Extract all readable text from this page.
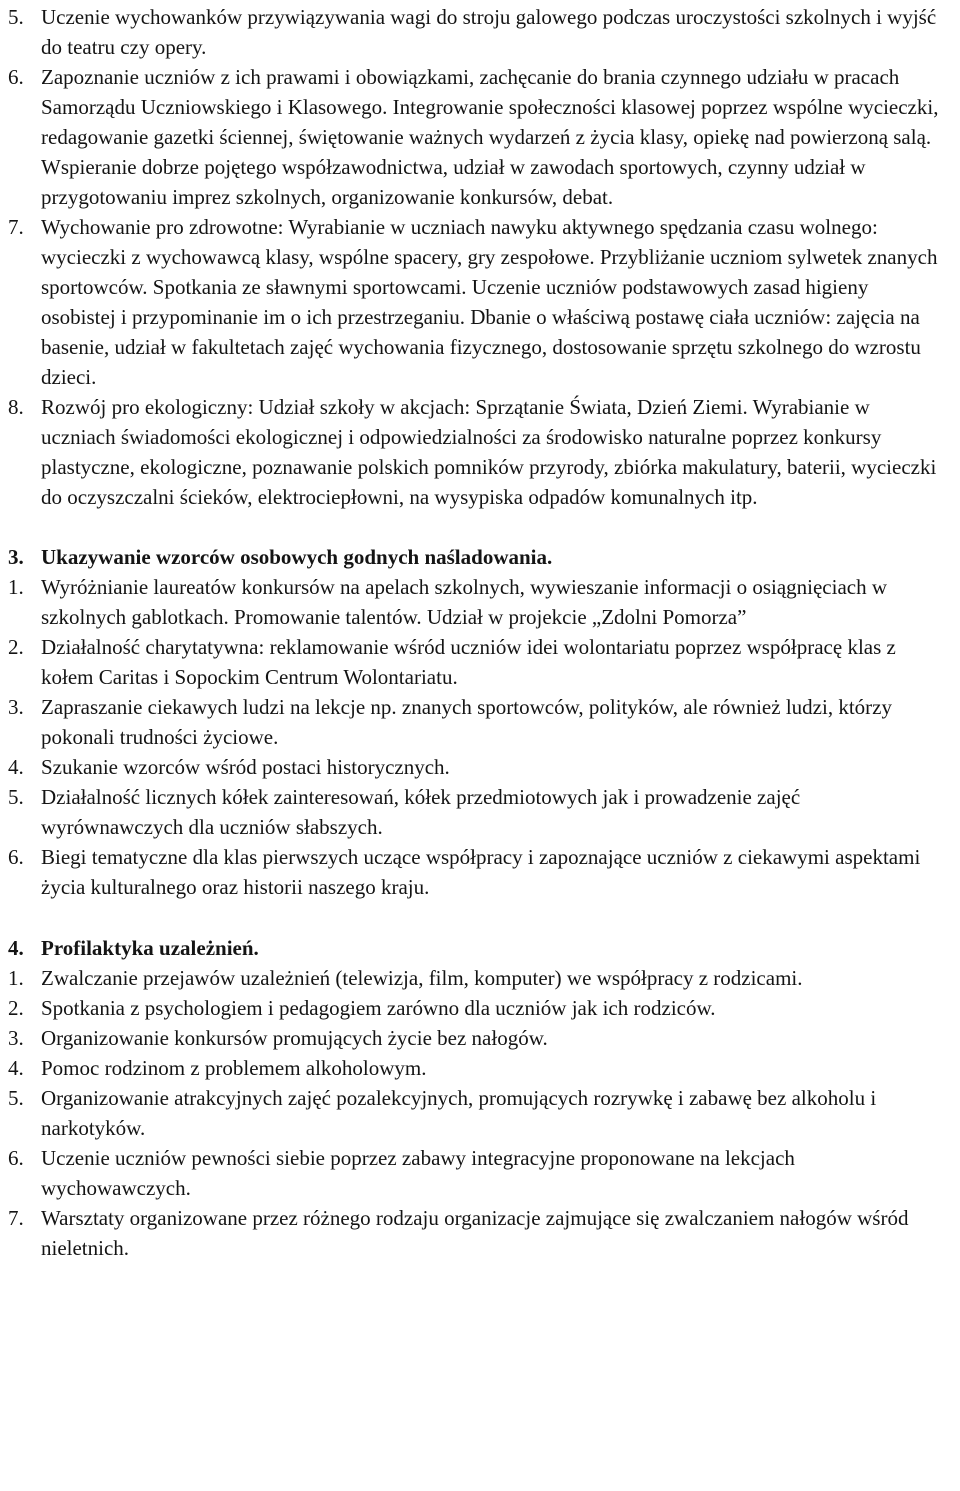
5. Uczenie wychowanków przywiązywania wagi do stroju galowego podczas uroczystości szkolnych i wyjść do teatru czy opery.
6. Zapoznanie uczniów z ich prawami i obowiązkami, zachęcanie do brania czynnego udziału w pracach Samorządu Uczniowskiego i Klasowego. Integrowanie społeczności klasowej poprzez wspólne wycieczki, redagowanie gazetki ściennej, świętowanie ważnych wydarzeń z życia klasy, opiekę nad powierzoną salą. Wspieranie dobrze pojętego współzawodnictwa, udział w zawodach sportowych, czynny udział w przygotowaniu imprez szkolnych, organizowanie konkursów, debat.
7. Wychowanie pro zdrowotne: Wyrabianie w uczniach nawyku aktywnego spędzania czasu wolnego: wycieczki z wychowawcą klasy, wspólne spacery, gry zespołowe. Przybliżanie uczniom sylwetek znanych sportowców. Spotkania ze sławnymi sportowcami. Uczenie uczniów podstawowych zasad higieny osobistej i przypominanie im o ich przestrzeganiu. Dbanie o właściwą postawę ciała uczniów: zajęcia na basenie, udział w fakultetach zajęć wychowania fizycznego, dostosowanie sprzętu szkolnego do wzrostu dzieci.
8. Rozwój pro ekologiczny: Udział szkoły w akcjach: Sprzątanie Świata, Dzień Ziemi. Wyrabianie w uczniach świadomości ekologicznej i odpowiedzialności za środowisko naturalne poprzez konkursy plastyczne, ekologiczne, poznawanie polskich pomników przyrody, zbiórka makulatury, baterii, wycieczki do oczyszczalni ścieków, elektrociepłowni, na wysypiska odpadów komunalnych itp.
3. Ukazywanie wzorców osobowych godnych naśladowania.
1. Wyróżnianie laureatów konkursów na apelach szkolnych, wywieszanie informacji o osiągnięciach w szkolnych gablotkach. Promowanie talentów. Udział w projekcie „Zdolni Pomorza”
2. Działalność charytatywna: reklamowanie wśród uczniów idei wolontariatu poprzez współpracę klas z kołem Caritas i Sopockim Centrum Wolontariatu.
3. Zapraszanie ciekawych ludzi na lekcje np. znanych sportowców, polityków, ale również ludzi, którzy pokonali trudności życiowe.
4. Szukanie wzorców wśród postaci historycznych.
5. Działalność licznych kółek zainteresowań, kółek przedmiotowych jak i prowadzenie zajęć wyrównawczych dla uczniów słabszych.
6. Biegi tematyczne dla klas pierwszych uczące współpracy i zapoznające uczniów z ciekawymi aspektami życia kulturalnego oraz historii naszego kraju.
4. Profilaktyka uzależnień.
1. Zwalczanie przejawów uzależnień (telewizja, film, komputer) we współpracy z rodzicami.
2. Spotkania z psychologiem i pedagogiem zarówno dla uczniów jak ich rodziców.
3. Organizowanie konkursów promujących życie bez nałogów.
4. Pomoc rodzinom z problemem alkoholowym.
5. Organizowanie atrakcyjnych zajęć pozalekcyjnych, promujących rozrywkę i zabawę bez alkoholu i narkotyków.
6. Uczenie uczniów pewności siebie poprzez zabawy integracyjne proponowane na lekcjach wychowawczych.
7. Warsztaty organizowane przez różnego rodzaju organizacje zajmujące się zwalczaniem nałogów wśród nieletnich.
